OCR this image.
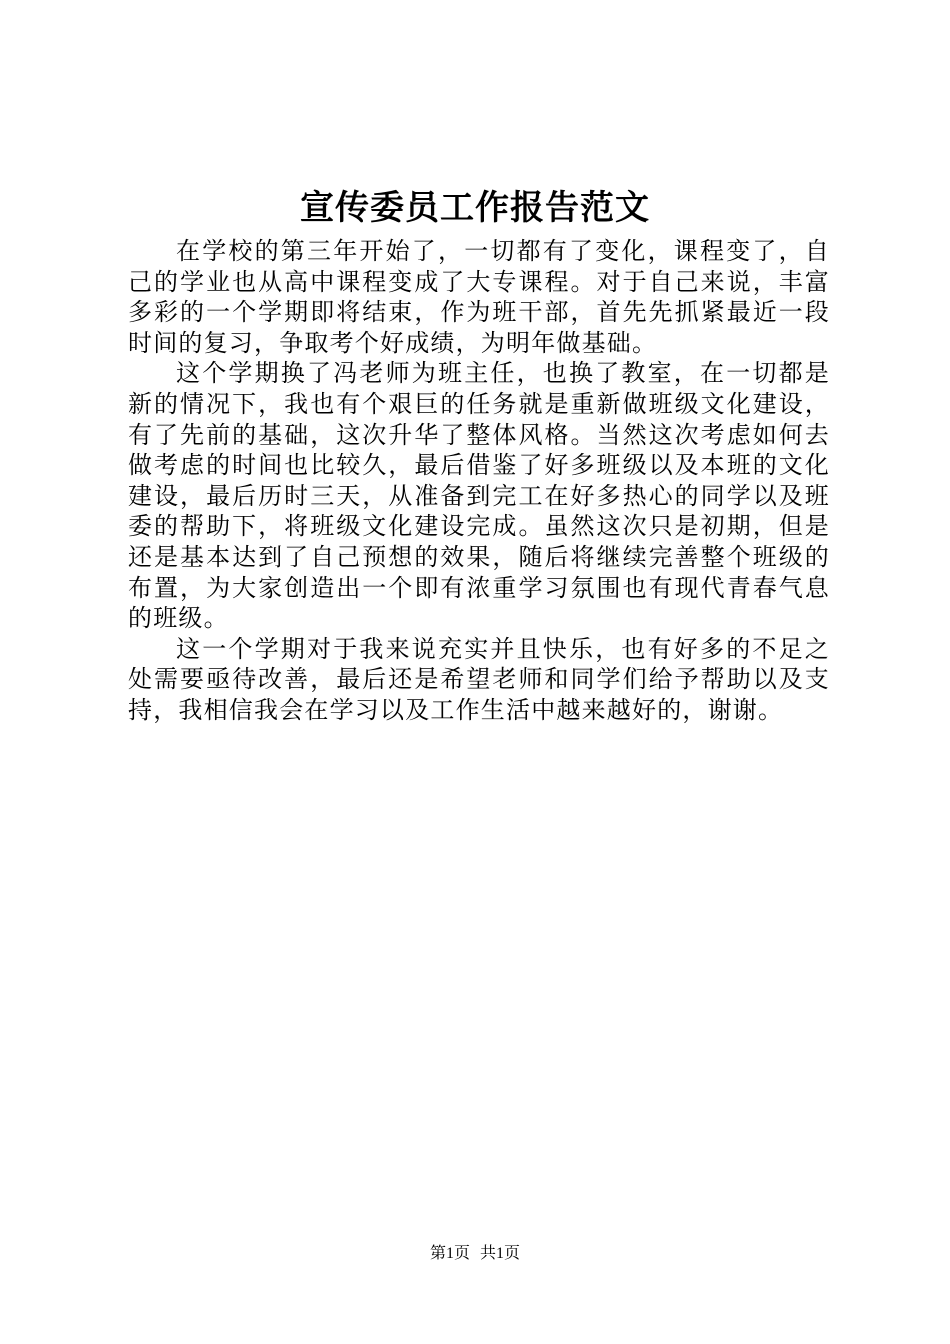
宣传委员工作报告范文

在学校的第三年开始了，一切都有了变化，课程变了，自己的学业也从高中课程变成了大专课程。对于自己来说，丰富多彩的一个学期即将结束，作为班干部，首先先抓紧最近一段时间的复习，争取考个好成绩，为明年做基础。

这个学期换了冯老师为班主任，也换了教室，在一切都是新的情况下，我也有个艰巨的任务就是重新做班级文化建设，有了先前的基础，这次升华了整体风格。当然这次考虑如何去做考虑的时间也比较久，最后借鉴了好多班级以及本班的文化建设，最后历时三天，从准备到完工在好多热心的同学以及班委的帮助下，将班级文化建设完成。虽然这次只是初期，但是还是基本达到了自己预想的效果，随后将继续完善整个班级的布置，为大家创造出一个即有浓重学习氛围也有现代青春气息的班级。

这一个学期对于我来说充实并且快乐，也有好多的不足之处需要亟待改善，最后还是希望老师和同学们给予帮助以及支持，我相信我会在学习以及工作生活中越来越好的，谢谢。

第1页 共1页
